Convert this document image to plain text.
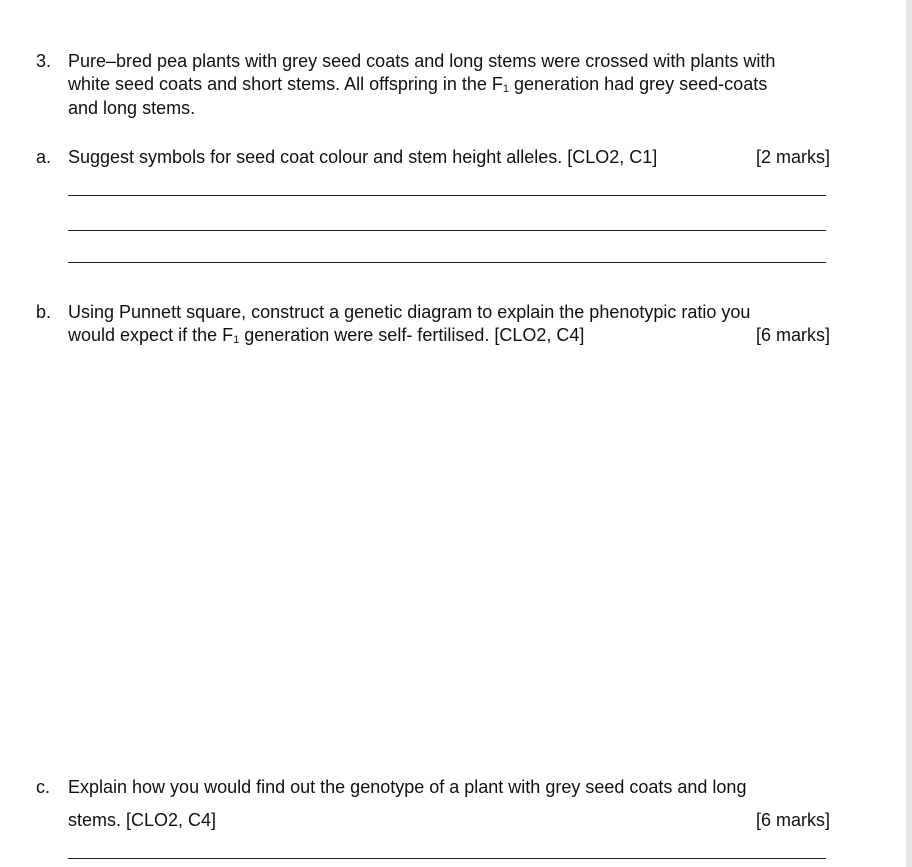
3. Pure–bred pea plants with grey seed coats and long stems were crossed with plants with
white seed coats and short stems. All offspring in the $F_1$ generation had grey seed-coats
and long stems.
a. Suggest symbols for seed coat colour and stem height alleles. [CLO2, C1]	[2 marks]
b. Using Punnett square, construct a genetic diagram to explain the phenotypic ratio you
would expect if the $F_1$ generation were self- fertilised. [CLO2, C4]	[6 marks]
c. Explain how you would find out the genotype of a plant with grey seed coats and long
stems. [CLO2, C4]	[6 marks]
